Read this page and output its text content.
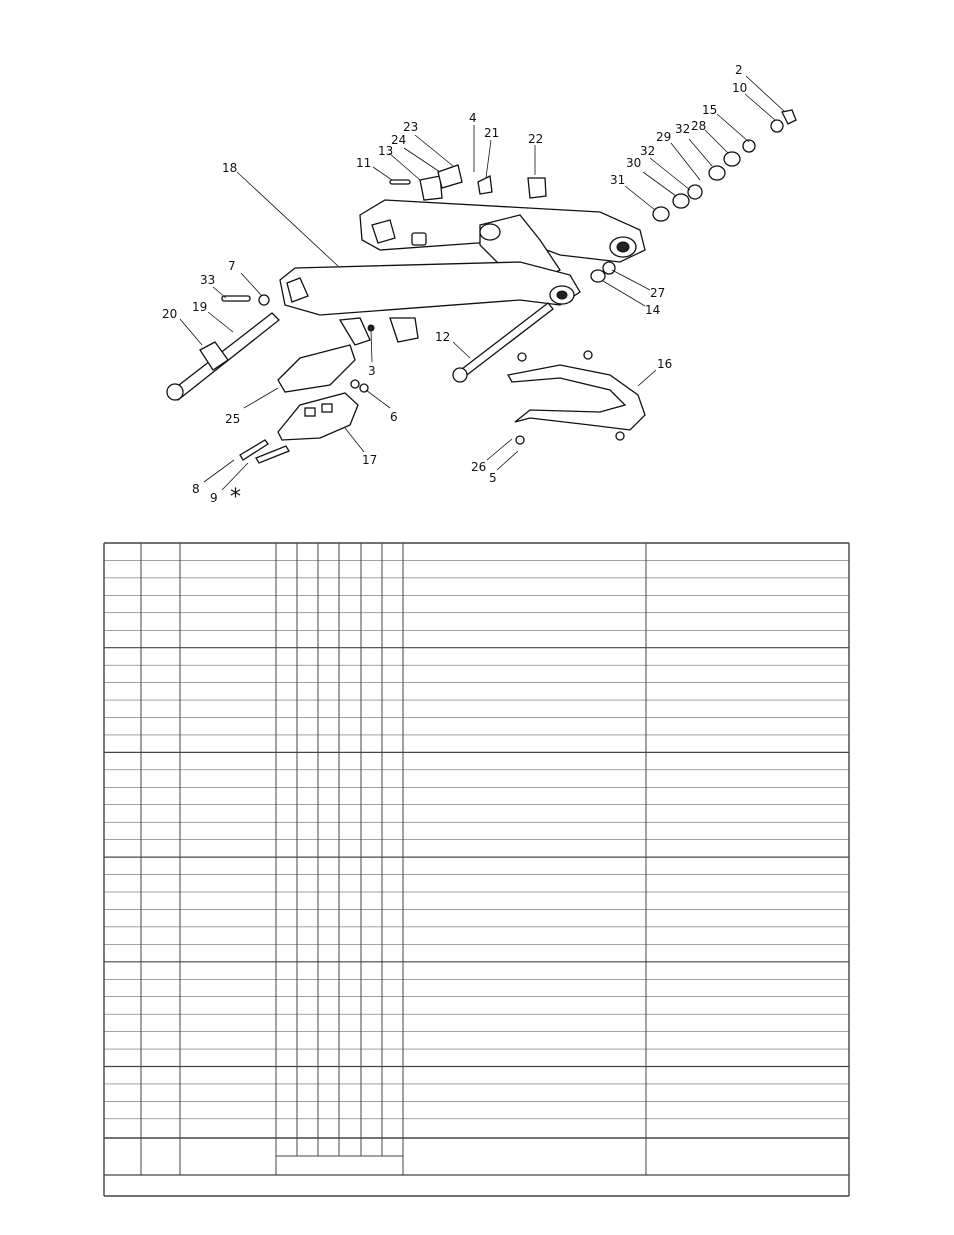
2
10
15
32 28
29
32
30
31
4
21 22
23
24
13
11
18
7
33
20 19
3
12
27
14
16
25	6
17	26
5
8
9 *
